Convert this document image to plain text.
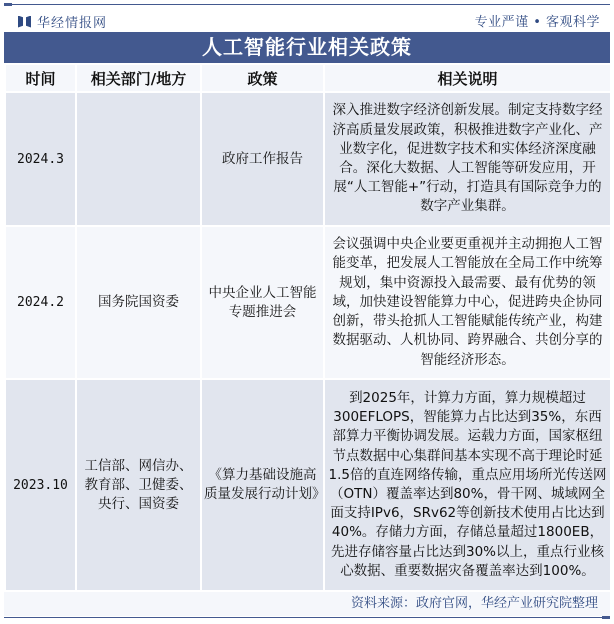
华经情报网	专业严谨 • 客观科学
人工智能行业相关政策
时间	相关部门/地方	政策	相关说明
2024.3		政府工作报告	深入推进数字经济创新发展。制定支持数字经济高质量发展政策，积极推进数字产业化、产业数字化，促进数字技术和实体经济深度融合。深化大数据、人工智能等研发应用，开展“人工智能+”行动，打造具有国际竞争力的数字产业集群。
2024.2	国务院国资委	中央企业人工智能专题推进会	会议强调中央企业要更重视并主动拥抱人工智能变革，把发展人工智能放在全局工作中统筹规划，集中资源投入最需要、最有优势的领域，加快建设智能算力中心，促进跨央企协同创新，带头抢抓人工智能赋能传统产业，构建数据驱动、人机协同、跨界融合、共创分享的智能经济形态。
2023.10	工信部、网信办、教育部、卫健委、央行、国资委	《算力基础设施高质量发展行动计划》	到2025年，计算力方面，算力规模超过300EFLOPS，智能算力占比达到35%，东西部算力平衡协调发展。运载力方面，国家枢纽节点数据中心集群间基本实现不高于理论时延1.5倍的直连网络传输，重点应用场所光传送网（OTN）覆盖率达到80%，骨干网、城域网全面支持IPv6，SRv62等创新技术使用占比达到40%。存储力方面，存储总量超过1800EB，先进存储容量占比达到30%以上，重点行业核心数据、重要数据灾备覆盖率达到100%。
资料来源：政府官网，华经产业研究院整理
